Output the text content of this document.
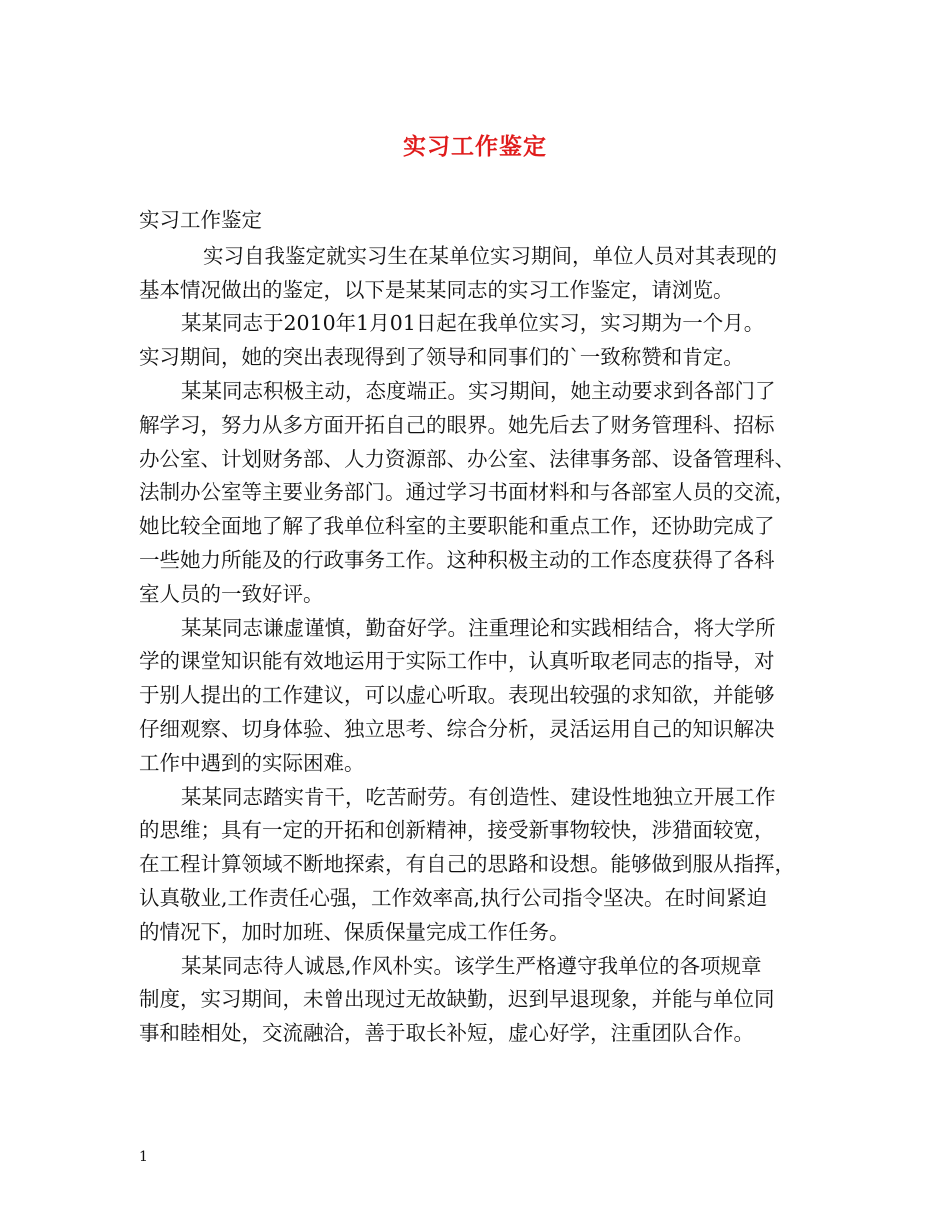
实习工作鉴定
实习工作鉴定
实习自我鉴定就实习生在某单位实习期间，单位人员对其表现的
基本情况做出的鉴定，以下是某某同志的实习工作鉴定，请浏览。
某某同志于2010年1月01日起在我单位实习，实习期为一个月。
实习期间，她的突出表现得到了领导和同事们的`一致称赞和肯定。
某某同志积极主动，态度端正。实习期间，她主动要求到各部门了
解学习，努力从多方面开拓自己的眼界。她先后去了财务管理科、招标
办公室、计划财务部、人力资源部、办公室、法律事务部、设备管理科、
法制办公室等主要业务部门。通过学习书面材料和与各部室人员的交流，
她比较全面地了解了我单位科室的主要职能和重点工作，还协助完成了
一些她力所能及的行政事务工作。这种积极主动的工作态度获得了各科
室人员的一致好评。
某某同志谦虚谨慎，勤奋好学。注重理论和实践相结合，将大学所
学的课堂知识能有效地运用于实际工作中，认真听取老同志的指导，对
于别人提出的工作建议，可以虚心听取。表现出较强的求知欲，并能够
仔细观察、切身体验、独立思考、综合分析，灵活运用自己的知识解决
工作中遇到的实际困难。
某某同志踏实肯干，吃苦耐劳。有创造性、建设性地独立开展工作
的思维；具有一定的开拓和创新精神，接受新事物较快，涉猎面较宽，
在工程计算领域不断地探索，有自己的思路和设想。能够做到服从指挥，
认真敬业,工作责任心强，工作效率高,执行公司指令坚决。在时间紧迫
的情况下，加时加班、保质保量完成工作任务。
某某同志待人诚恳,作风朴实。该学生严格遵守我单位的各项规章
制度，实习期间，未曾出现过无故缺勤，迟到早退现象，并能与单位同
事和睦相处，交流融洽，善于取长补短，虚心好学，注重团队合作。
1
